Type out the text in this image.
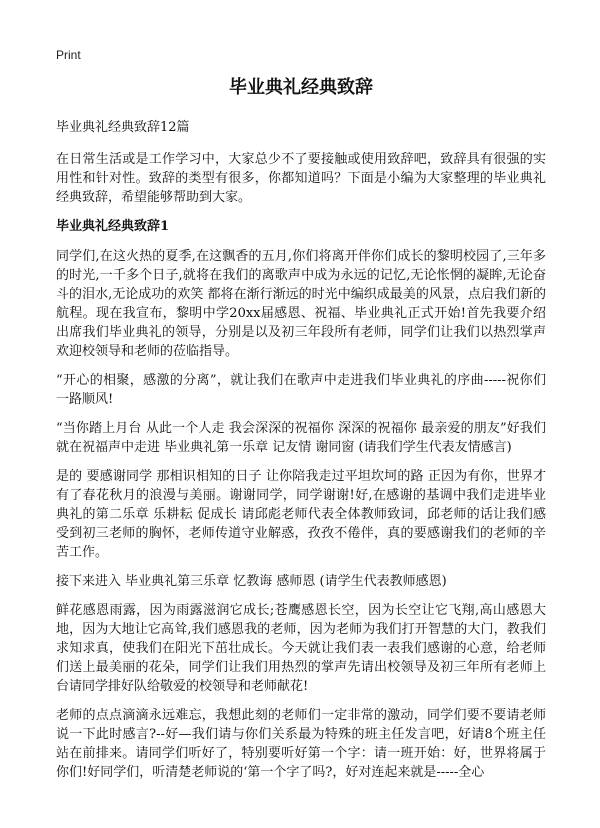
Print
毕业典礼经典致辞
毕业典礼经典致辞12篇

在日常生活或是工作学习中，大家总少不了要接触或使用致辞吧，致辞具有很强的实用性和针对性。致辞的类型有很多，你都知道吗？下面是小编为大家整理的毕业典礼经典致辞，希望能够帮助到大家。

毕业典礼经典致辞1

同学们,在这火热的夏季,在这飘香的五月,你们将离开伴你们成长的黎明校园了,三年多的时光,一千多个日子,就将在我们的离歌声中成为永远的记忆,无论怅惘的凝眸,无论奋斗的泪水,无论成功的欢笑 都将在渐行渐远的时光中编织成最美的风景，点启我们新的航程。现在我宣布，黎明中学20xx届感恩、祝福、毕业典礼正式开始!首先我要介绍出席我们毕业典礼的领导，分别是以及初三年段所有老师，同学们让我们以热烈掌声欢迎校领导和老师的莅临指导。

“开心的相聚，感激的分离”，就让我们在歌声中走进我们毕业典礼的序曲-----祝你们一路顺风!

“当你踏上月台 从此一个人走 我会深深的祝福你 深深的祝福你 最亲爱的朋友”好我们就在祝福声中走进 毕业典礼第一乐章 记友情 谢同窗 (请我们学生代表友情感言)

是的 要感谢同学 那相识相知的日子 让你陪我走过平坦坎坷的路 正因为有你，世界才有了春花秋月的浪漫与美丽。谢谢同学，同学谢谢!好,在感谢的基调中我们走进毕业典礼的第二乐章 乐耕耘 促成长 请邱彪老师代表全体教师致词，邱老师的话让我们感受到初三老师的胸怀，老师传道守业解惑，孜孜不倦伴，真的要感谢我们的老师的辛苦工作。

接下来进入 毕业典礼第三乐章 忆教诲 感师恩 (请学生代表教师感恩)

鲜花感恩雨露，因为雨露滋润它成长;苍鹰感恩长空，因为长空让它飞翔,高山感恩大地，因为大地让它高耸,我们感恩我的老师，因为老师为我们打开智慧的大门，教我们求知求真，使我们在阳光下茁壮成长。今天就让我们表一表我们感谢的心意，给老师们送上最美丽的花朵，同学们让我们用热烈的掌声先请出校领导及初三年所有老师上台请同学排好队给敬爱的校领导和老师献花!

老师的点点滴滴永远难忘，我想此刻的老师们一定非常的激动，同学们要不要请老师说一下此时感言?--好—我们请与你们关系最为特殊的班主任发言吧，好请8个班主任站在前排来。请同学们听好了，特别要听好第一个字：请一班开始：好，世界将属于你们!好同学们，听清楚老师说的‘第一个字了吗?，好对连起来就是-----全心
